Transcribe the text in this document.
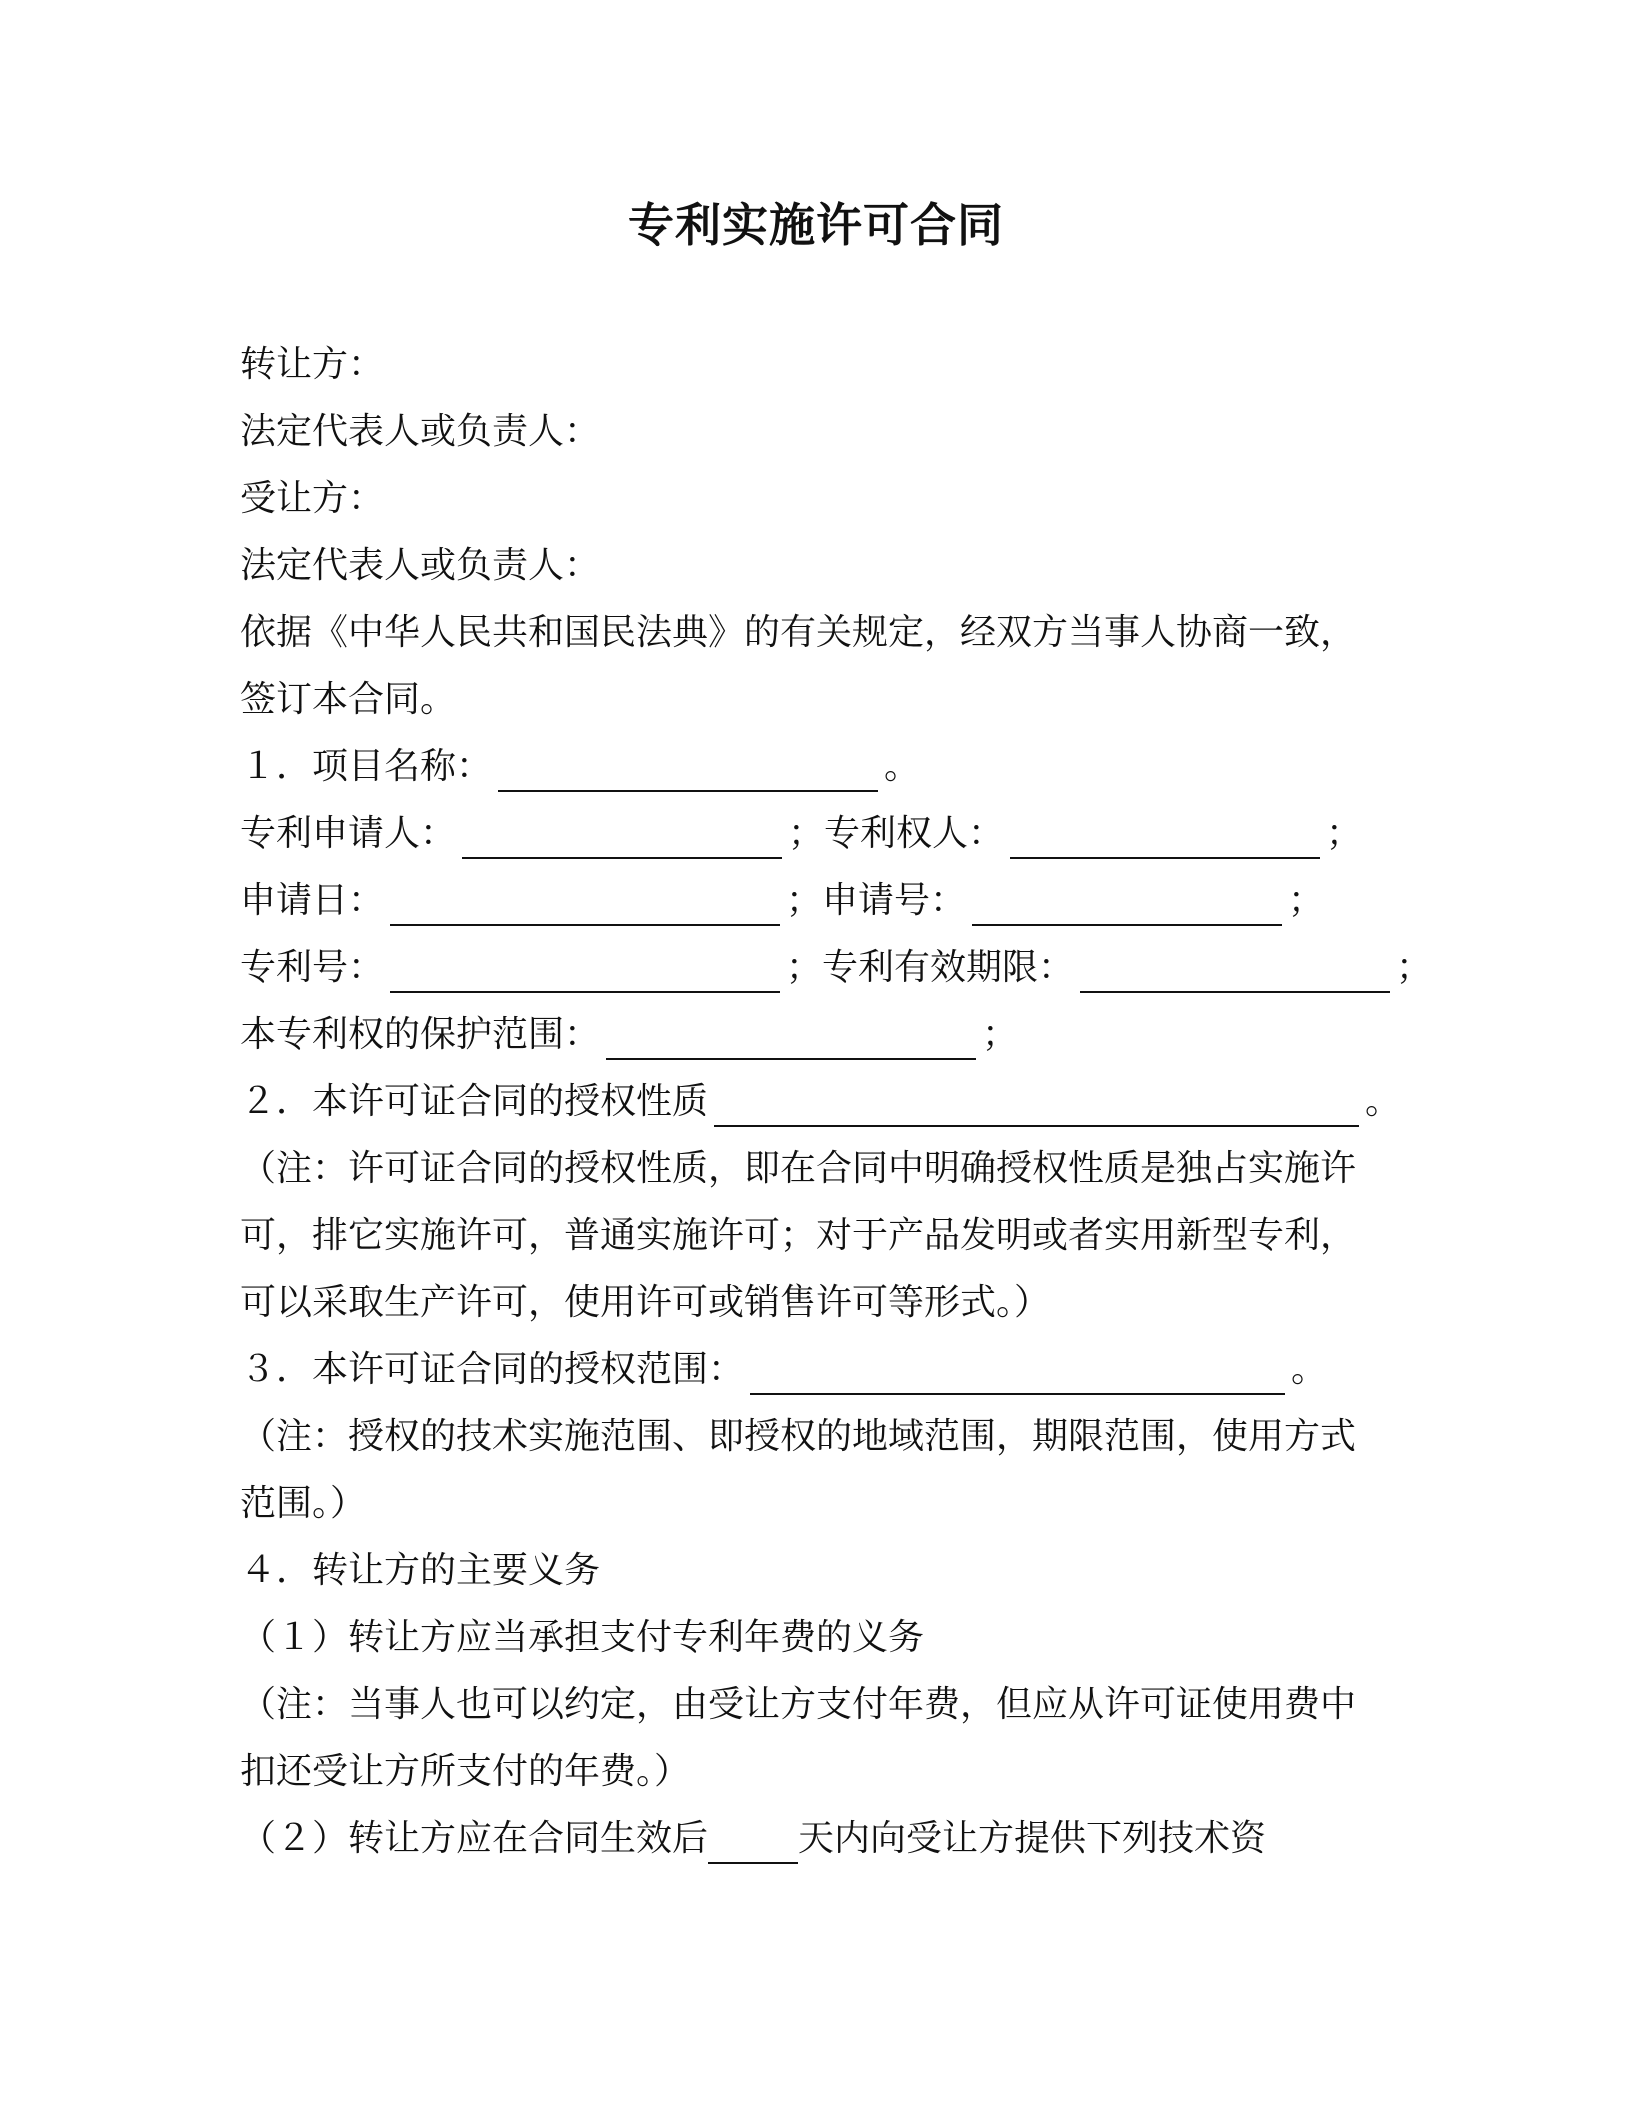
专利实施许可合同
转让方：
法定代表人或负责人：
受让方：
法定代表人或负责人：
依据《中华人民共和国民法典》的有关规定，经双方当事人协商一致，
签订本合同。
１．项目名称：	。
专利申请人：	；专利权人：	；
申请日：	；申请号：	；
专利号：	；专利有效期限：	；
本专利权的保护范围：	；
２．本许可证合同的授权性质	。
（注：许可证合同的授权性质，即在合同中明确授权性质是独占实施许
可，排它实施许可，普通实施许可；对于产品发明或者实用新型专利，
可以采取生产许可，使用许可或销售许可等形式。）
３．本许可证合同的授权范围：	。
（注：授权的技术实施范围、即授权的地域范围，期限范围，使用方式
范围。）
４．转让方的主要义务
（１）转让方应当承担支付专利年费的义务
（注：当事人也可以约定，由受让方支付年费，但应从许可证使用费中
扣还受让方所支付的年费。）
（２）转让方应在合同生效后	天内向受让方提供下列技术资
